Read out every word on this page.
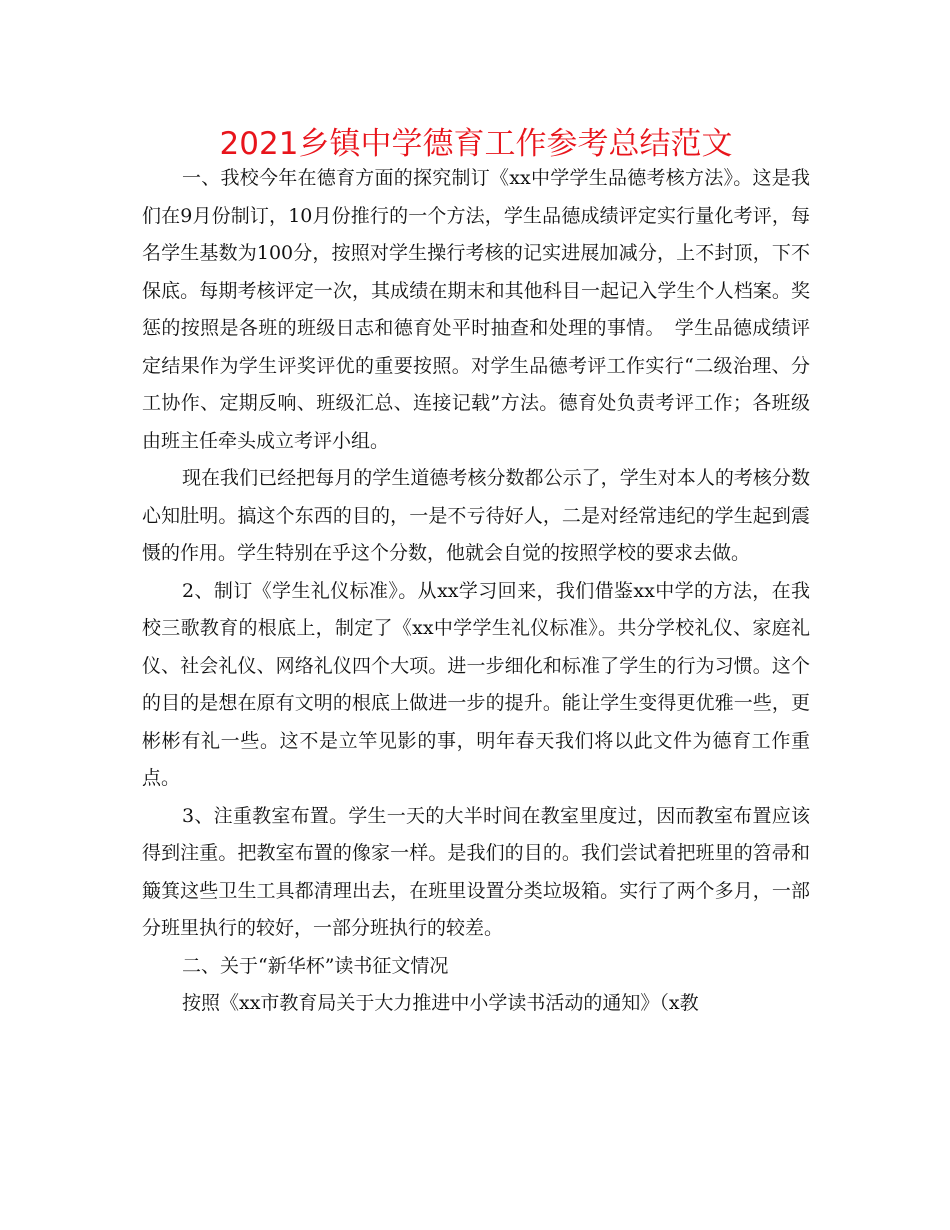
2021乡镇中学德育工作参考总结范文

一、我校今年在德育方面的探究制订《xx中学学生品德考核方法》。这是我们在9月份制订，10月份推行的一个方法，学生品德成绩评定实行量化考评，每名学生基数为100分，按照对学生操行考核的记实进展加减分，上不封顶，下不保底。每期考核评定一次，其成绩在期末和其他科目一起记入学生个人档案。奖惩的按照是各班的班级日志和德育处平时抽查和处理的事情。　学生品德成绩评定结果作为学生评奖评优的重要按照。对学生品德考评工作实行“二级治理、分工协作、定期反响、班级汇总、连接记载”方法。德育处负责考评工作；各班级由班主任牵头成立考评小组。

现在我们已经把每月的学生道德考核分数都公示了，学生对本人的考核分数心知肚明。搞这个东西的目的，一是不亏待好人，二是对经常违纪的学生起到震慑的作用。学生特别在乎这个分数，他就会自觉的按照学校的要求去做。

2、制订《学生礼仪标准》。从xx学习回来，我们借鉴xx中学的方法，在我校三歌教育的根底上，制定了《xx中学学生礼仪标准》。共分学校礼仪、家庭礼仪、社会礼仪、网络礼仪四个大项。进一步细化和标准了学生的行为习惯。这个的目的是想在原有文明的根底上做进一步的提升。能让学生变得更优雅一些，更彬彬有礼一些。这不是立竿见影的事，明年春天我们将以此文件为德育工作重点。

3、注重教室布置。学生一天的大半时间在教室里度过，因而教室布置应该得到注重。把教室布置的像家一样。是我们的目的。我们尝试着把班里的笤帚和簸箕这些卫生工具都清理出去，在班里设置分类垃圾箱。实行了两个多月，一部分班里执行的较好，一部分班执行的较差。

二、关于“新华杯”读书征文情况

按照《xx市教育局关于大力推进中小学读书活动的通知》（x教
